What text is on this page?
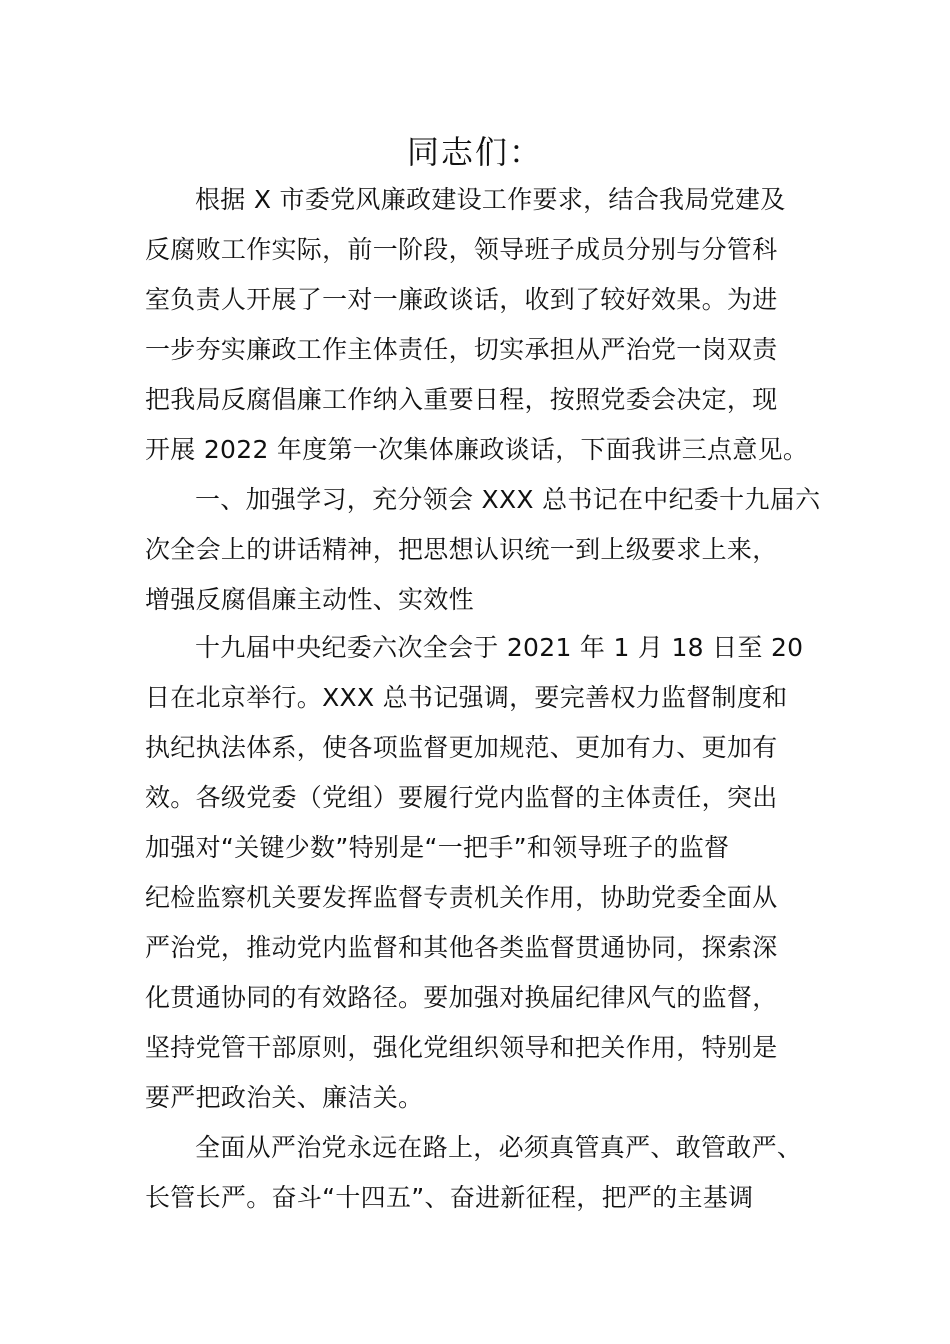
同志们：
根据 X 市委党风廉政建设工作要求，结合我局党建及
反腐败工作实际，前一阶段，领导班子成员分别与分管科
室负责人开展了一对一廉政谈话，收到了较好效果。为进
一步夯实廉政工作主体责任，切实承担从严治党一岗双责
把我局反腐倡廉工作纳入重要日程，按照党委会决定，现
开展 2022 年度第一次集体廉政谈话，下面我讲三点意见。
一、加强学习，充分领会 XXX 总书记在中纪委十九届六
次全会上的讲话精神，把思想认识统一到上级要求上来，
增强反腐倡廉主动性、实效性
十九届中央纪委六次全会于 2021 年 1 月 18 日至 20
日在北京举行。XXX 总书记强调，要完善权力监督制度和
执纪执法体系，使各项监督更加规范、更加有力、更加有
效。各级党委（党组）要履行党内监督的主体责任，突出
加强对“关键少数”特别是“一把手”和领导班子的监督
纪检监察机关要发挥监督专责机关作用，协助党委全面从
严治党，推动党内监督和其他各类监督贯通协同，探索深
化贯通协同的有效路径。要加强对换届纪律风气的监督，
坚持党管干部原则，强化党组织领导和把关作用，特别是
要严把政治关、廉洁关。
全面从严治党永远在路上，必须真管真严、敢管敢严、
长管长严。奋斗“十四五”、奋进新征程，把严的主基调
